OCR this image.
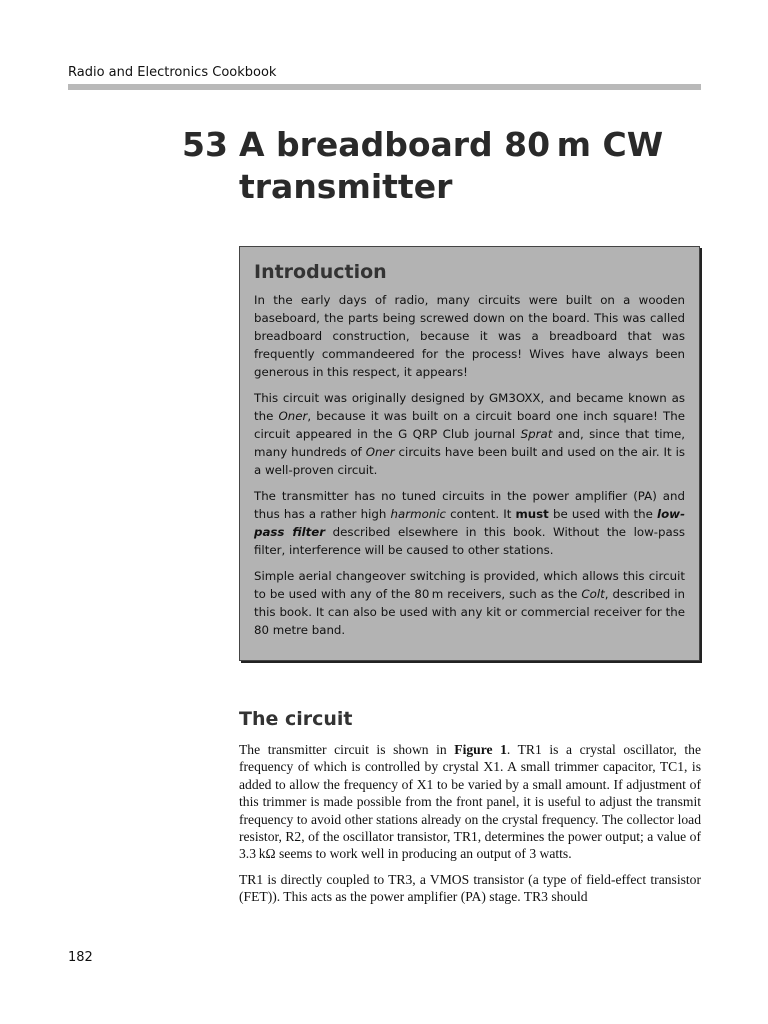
Radio and Electronics Cookbook
53 A breadboard 80 m CW transmitter
Introduction

In the early days of radio, many circuits were built on a wooden baseboard, the parts being screwed down on the board. This was called breadboard construction, because it was a breadboard that was frequently commandeered for the process! Wives have always been generous in this respect, it appears!

This circuit was originally designed by GM3OXX, and became known as the Oner, because it was built on a circuit board one inch square! The circuit appeared in the G QRP Club journal Sprat and, since that time, many hundreds of Oner circuits have been built and used on the air. It is a well-proven circuit.

The transmitter has no tuned circuits in the power amplifier (PA) and thus has a rather high harmonic content. It must be used with the low-pass filter described elsewhere in this book. Without the low-pass filter, interference will be caused to other stations.

Simple aerial changeover switching is provided, which allows this circuit to be used with any of the 80 m receivers, such as the Colt, described in this book. It can also be used with any kit or commercial receiver for the 80 metre band.

The circuit

The transmitter circuit is shown in Figure 1. TR1 is a crystal oscillator, the frequency of which is controlled by crystal X1. A small trimmer capacitor, TC1, is added to allow the frequency of X1 to be varied by a small amount. If adjustment of this trimmer is made possible from the front panel, it is useful to adjust the transmit frequency to avoid other stations already on the crystal frequency. The collector load resistor, R2, of the oscillator transistor, TR1, determines the power output; a value of 3.3 kΩ seems to work well in producing an output of 3 watts.

TR1 is directly coupled to TR3, a VMOS transistor (a type of field-effect transistor (FET)). This acts as the power amplifier (PA) stage. TR3 should

182
